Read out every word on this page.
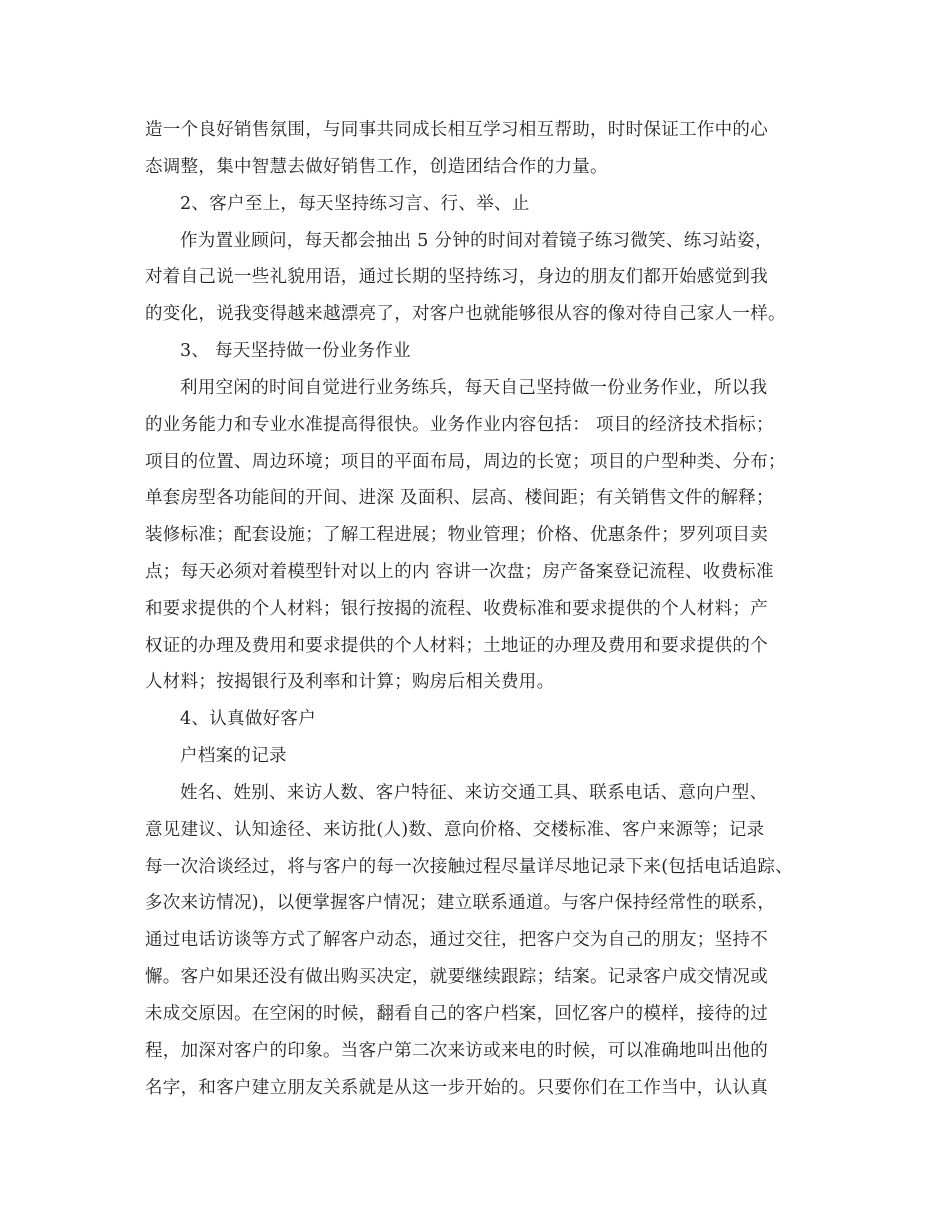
造一个良好销售氛围，与同事共同成长相互学习相互帮助，时时保证工作中的心

态调整，集中智慧去做好销售工作，创造团结合作的力量。

2、客户至上，每天坚持练习言、行、举、止

作为置业顾问，每天都会抽出 5 分钟的时间对着镜子练习微笑、练习站姿，

对着自己说一些礼貌用语，通过长期的坚持练习，身边的朋友们都开始感觉到我

的变化，说我变得越来越漂亮了，对客户也就能够很从容的像对待自己家人一样。

3、 每天坚持做一份业务作业

利用空闲的时间自觉进行业务练兵，每天自己坚持做一份业务作业，所以我

的业务能力和专业水准提高得很快。业务作业内容包括： 项目的经济技术指标；

项目的位置、周边环境；项目的平面布局，周边的长宽；项目的户型种类、分布；

单套房型各功能间的开间、进深 及面积、层高、楼间距；有关销售文件的解释；

装修标准；配套设施；了解工程进展；物业管理；价格、优惠条件；罗列项目卖

点；每天必须对着模型针对以上的内 容讲一次盘；房产备案登记流程、收费标准

和要求提供的个人材料；银行按揭的流程、收费标准和要求提供的个人材料；产

权证的办理及费用和要求提供的个人材料；土地证的办理及费用和要求提供的个

人材料；按揭银行及利率和计算；购房后相关费用。

4、认真做好客户

户档案的记录

姓名、姓别、来访人数、客户特征、来访交通工具、联系电话、意向户型、

意见建议、认知途径、来访批(人)数、意向价格、交楼标准、客户来源等；记录

每一次洽谈经过，将与客户的每一次接触过程尽量详尽地记录下来(包括电话追踪、

多次来访情况)，以便掌握客户情况；建立联系通道。与客户保持经常性的联系，

通过电话访谈等方式了解客户动态，通过交往，把客户交为自己的朋友；坚持不

懈。客户如果还没有做出购买决定，就要继续跟踪；结案。记录客户成交情况或

未成交原因。在空闲的时候，翻看自己的客户档案，回忆客户的模样，接待的过

程，加深对客户的印象。当客户第二次来访或来电的时候，可以准确地叫出他的

名字，和客户建立朋友关系就是从这一步开始的。只要你们在工作当中，认认真
